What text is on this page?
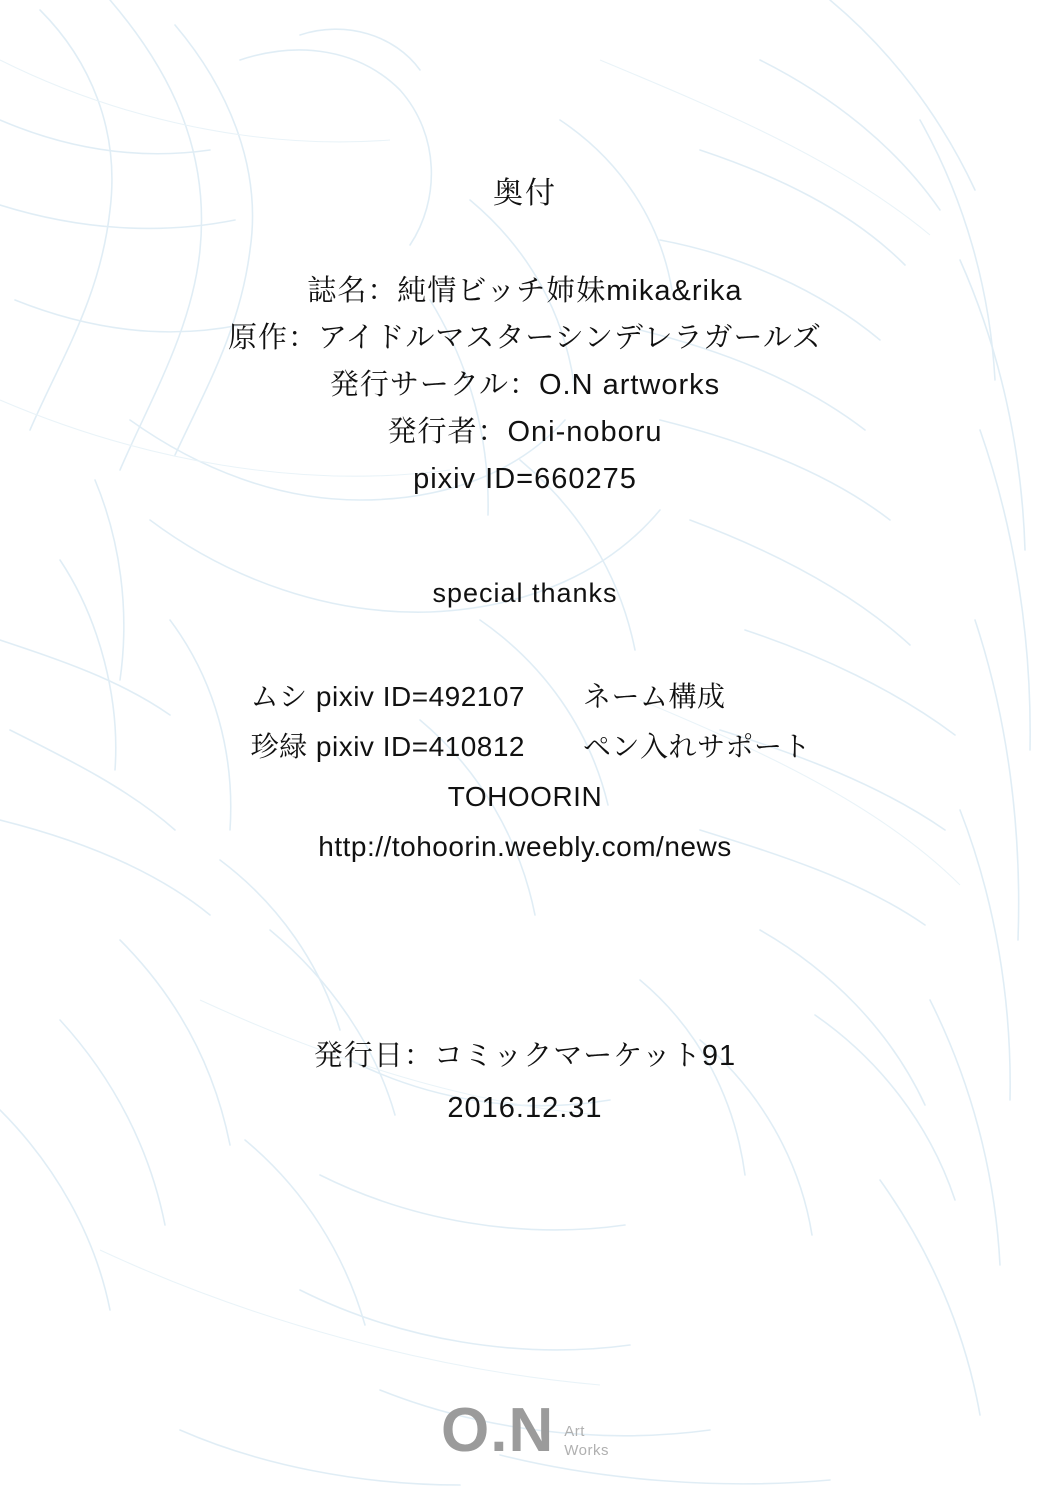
奥付
誌名：純情ビッチ姉妹mika&rika
原作：アイドルマスターシンデレラガールズ
発行サークル：O.N artworks
発行者：Oni-noboru
pixiv ID=660275
special thanks
ムシ pixiv ID=492107	ネーム構成
珍緑 pixiv ID=410812	ペン入れサポート
TOHOORIN
http://tohoorin.weebly.com/news
発行日：コミックマーケット91
2016.12.31
O.N Art
Works
